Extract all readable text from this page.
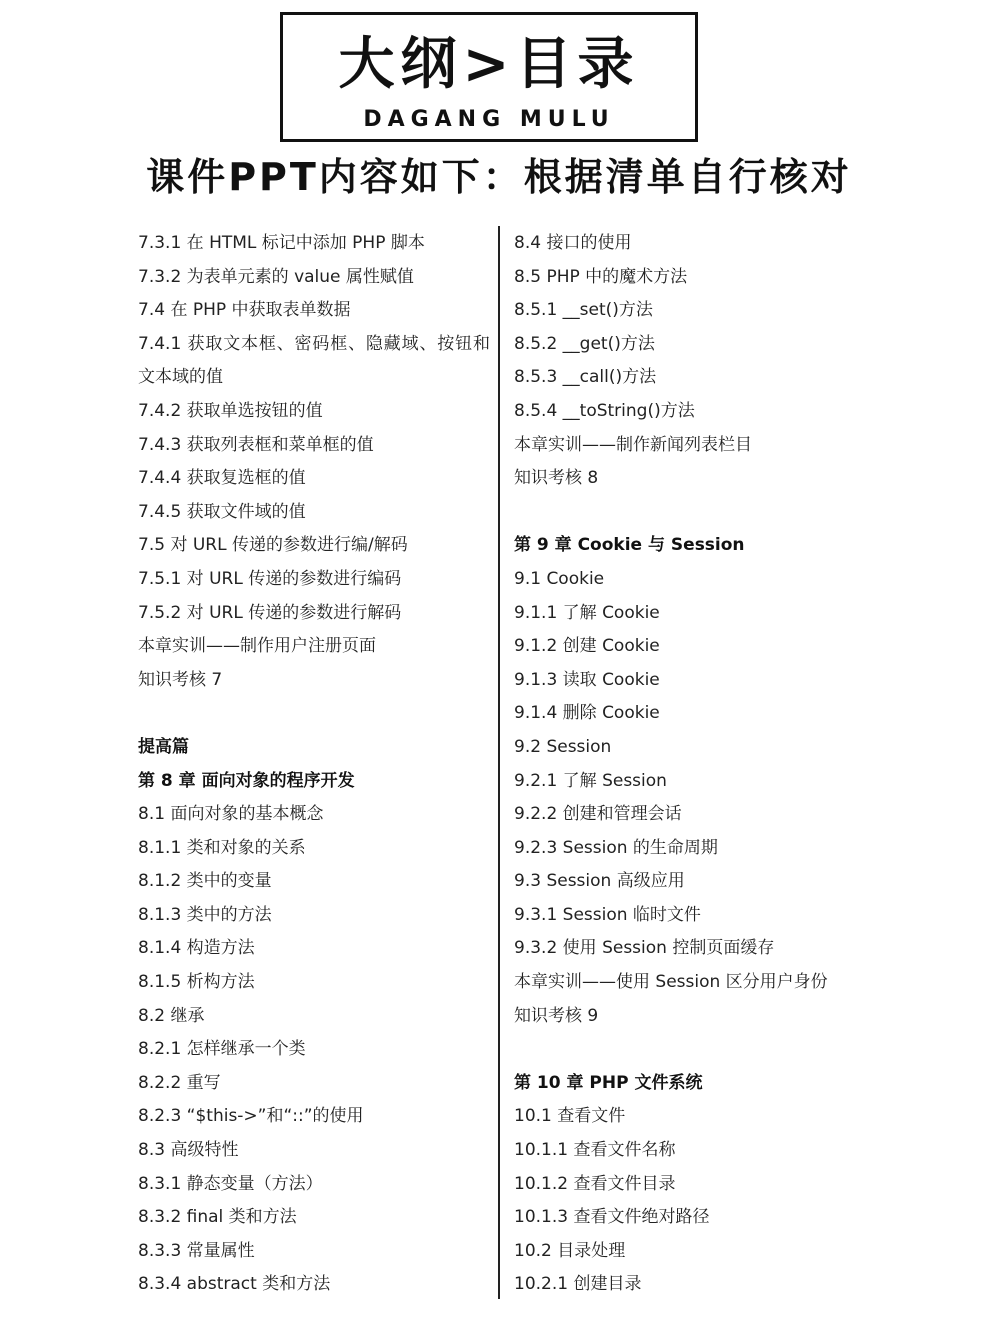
大纲>目录
DAGANG MULU
课件PPT内容如下：根据清单自行核对
7.3.1 在 HTML 标记中添加 PHP 脚本
7.3.2 为表单元素的 value 属性赋值
7.4 在 PHP 中获取表单数据
7.4.1 获取文本框、密码框、隐藏域、按钮和文本域的值
7.4.2 获取单选按钮的值
7.4.3 获取列表框和菜单框的值
7.4.4 获取复选框的值
7.4.5 获取文件域的值
7.5 对 URL 传递的参数进行编/解码
7.5.1 对 URL 传递的参数进行编码
7.5.2 对 URL 传递的参数进行解码
本章实训——制作用户注册页面
知识考核 7
提高篇
第 8 章 面向对象的程序开发
8.1 面向对象的基本概念
8.1.1 类和对象的关系
8.1.2 类中的变量
8.1.3 类中的方法
8.1.4 构造方法
8.1.5 析构方法
8.2 继承
8.2.1 怎样继承一个类
8.2.2 重写
8.2.3 “$this->”和“::”的使用
8.3 高级特性
8.3.1 静态变量（方法）
8.3.2 final 类和方法
8.3.3 常量属性
8.3.4 abstract 类和方法
8.4 接口的使用
8.5 PHP 中的魔术方法
8.5.1 __set()方法
8.5.2 __get()方法
8.5.3 __call()方法
8.5.4 __toString()方法
本章实训——制作新闻列表栏目
知识考核 8
第 9 章 Cookie 与 Session
9.1 Cookie
9.1.1 了解 Cookie
9.1.2 创建 Cookie
9.1.3 读取 Cookie
9.1.4 删除 Cookie
9.2 Session
9.2.1 了解 Session
9.2.2 创建和管理会话
9.2.3 Session 的生命周期
9.3 Session 高级应用
9.3.1 Session 临时文件
9.3.2 使用 Session 控制页面缓存
本章实训——使用 Session 区分用户身份
知识考核 9
第 10 章 PHP 文件系统
10.1 查看文件
10.1.1 查看文件名称
10.1.2 查看文件目录
10.1.3 查看文件绝对路径
10.2 目录处理
10.2.1 创建目录
